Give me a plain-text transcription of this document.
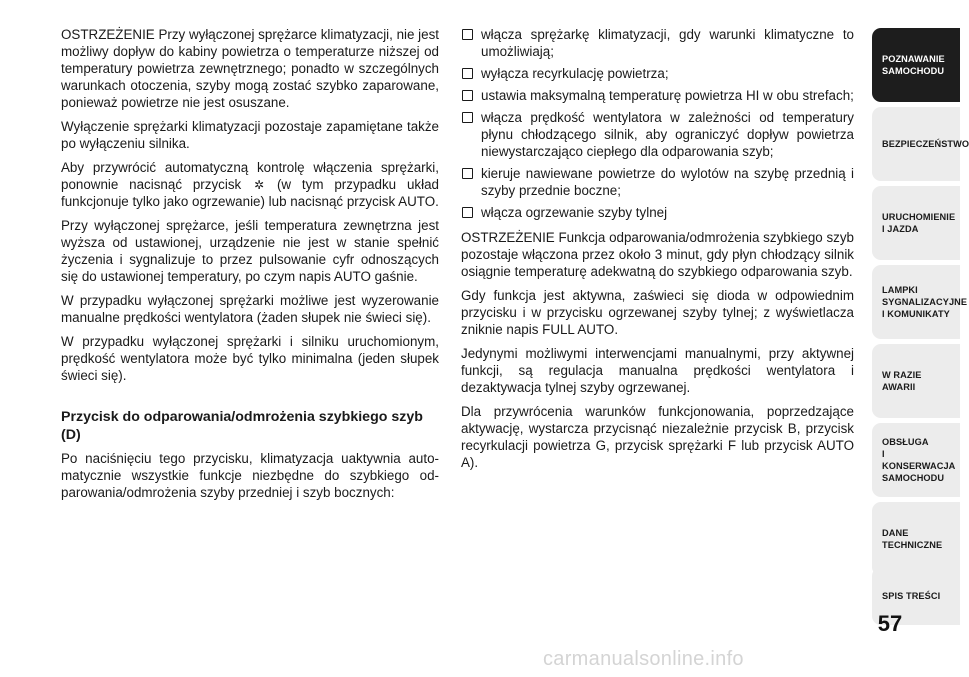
OSTRZEŻENIE Przy wyłączonej sprężarce klimatyzacji, nie jest możliwy dopływ do kabiny powietrza o temperaturze niższej od temperatury powietrza zewnętrznego; ponadto w szczególnych warunkach otoczenia, szyby mogą zostać szybko zaparowane, ponieważ powietrze nie jest osuszane.

Wyłączenie sprężarki klimatyzacji pozostaje zapamiętane także po wyłączeniu silnika.

Aby przywrócić automatyczną kontrolę włączenia sprężarki, ponownie nacisnąć przycisk ✲ (w tym przypadku układ funkcjonuje tylko jako ogrzewanie) lub nacisnąć przycisk AUTO.

Przy wyłączonej sprężarce, jeśli temperatura zewnętrzna jest wyższa od ustawionej, urządzenie nie jest w stanie spełnić życzenia i sygnalizuje to przez pulsowanie cyfr odnoszących się do ustawionej temperatury, po czym napis AUTO gaśnie.

W przypadku wyłączonej sprężarki możliwe jest wyzerowanie manualne prędkości wentylatora (żaden słupek nie świeci się).

W przypadku wyłączonej sprężarki i silniku uruchomionym, prędkość wentylatora może być tylko minimalna (jeden słupek świeci się).

Przycisk do odparowania/odmrożenia szybkiego szyb (D)

Po naciśnięciu tego przycisku, klimatyzacja uaktywnia automatycznie wszystkie funkcje niezbędne do szybkiego odparowania/odmrożenia szyby przedniej i szyb bocznych:

włącza sprężarkę klimatyzacji, gdy warunki klimatyczne to umożliwiają;
wyłącza recyrkulację powietrza;
ustawia maksymalną temperaturę powietrza HI w obu strefach;
włącza prędkość wentylatora w zależności od temperatury płynu chłodzącego silnik, aby ograniczyć dopływ powietrza niewystarczająco ciepłego dla odparowania szyb;
kieruje nawiewane powietrze do wylotów na szybę przednią i szyby przednie boczne;
włącza ogrzewanie szyby tylnej

OSTRZEŻENIE Funkcja odparowania/odmrożenia szybkiego szyb pozostaje włączona przez około 3 minut, gdy płyn chłodzący silnik osiągnie temperaturę adekwatną do szybkiego odparowania szyb.

Gdy funkcja jest aktywna, zaświeci się dioda w odpowiednim przycisku i w przycisku ogrzewanej szyby tylnej; z wyświetlacza zniknie napis FULL AUTO.

Jedynymi możliwymi interwencjami manualnymi, przy aktywnej funkcji, są regulacja manualna prędkości wentylatora i dezaktywacja tylnej szyby ogrzewanej.

Dla przywrócenia warunków funkcjonowania, poprzedzające aktywację, wystarcza przycisnąć niezależnie przycisk B, przycisk recyrkulacji powietrza G, przycisk sprężarki F lub przycisk AUTO A).

POZNAWANIE
SAMOCHODU
BEZPIECZEŃSTWO
URUCHOMIENIE
I JAZDA
LAMPKI
SYGNALIZACYJNE
I KOMUNIKATY
W RAZIE AWARII
OBSŁUGA
I KONSERWACJA
SAMOCHODU
DANE
TECHNICZNE
SPIS TREŚCI
57
carmanualsonline.info
